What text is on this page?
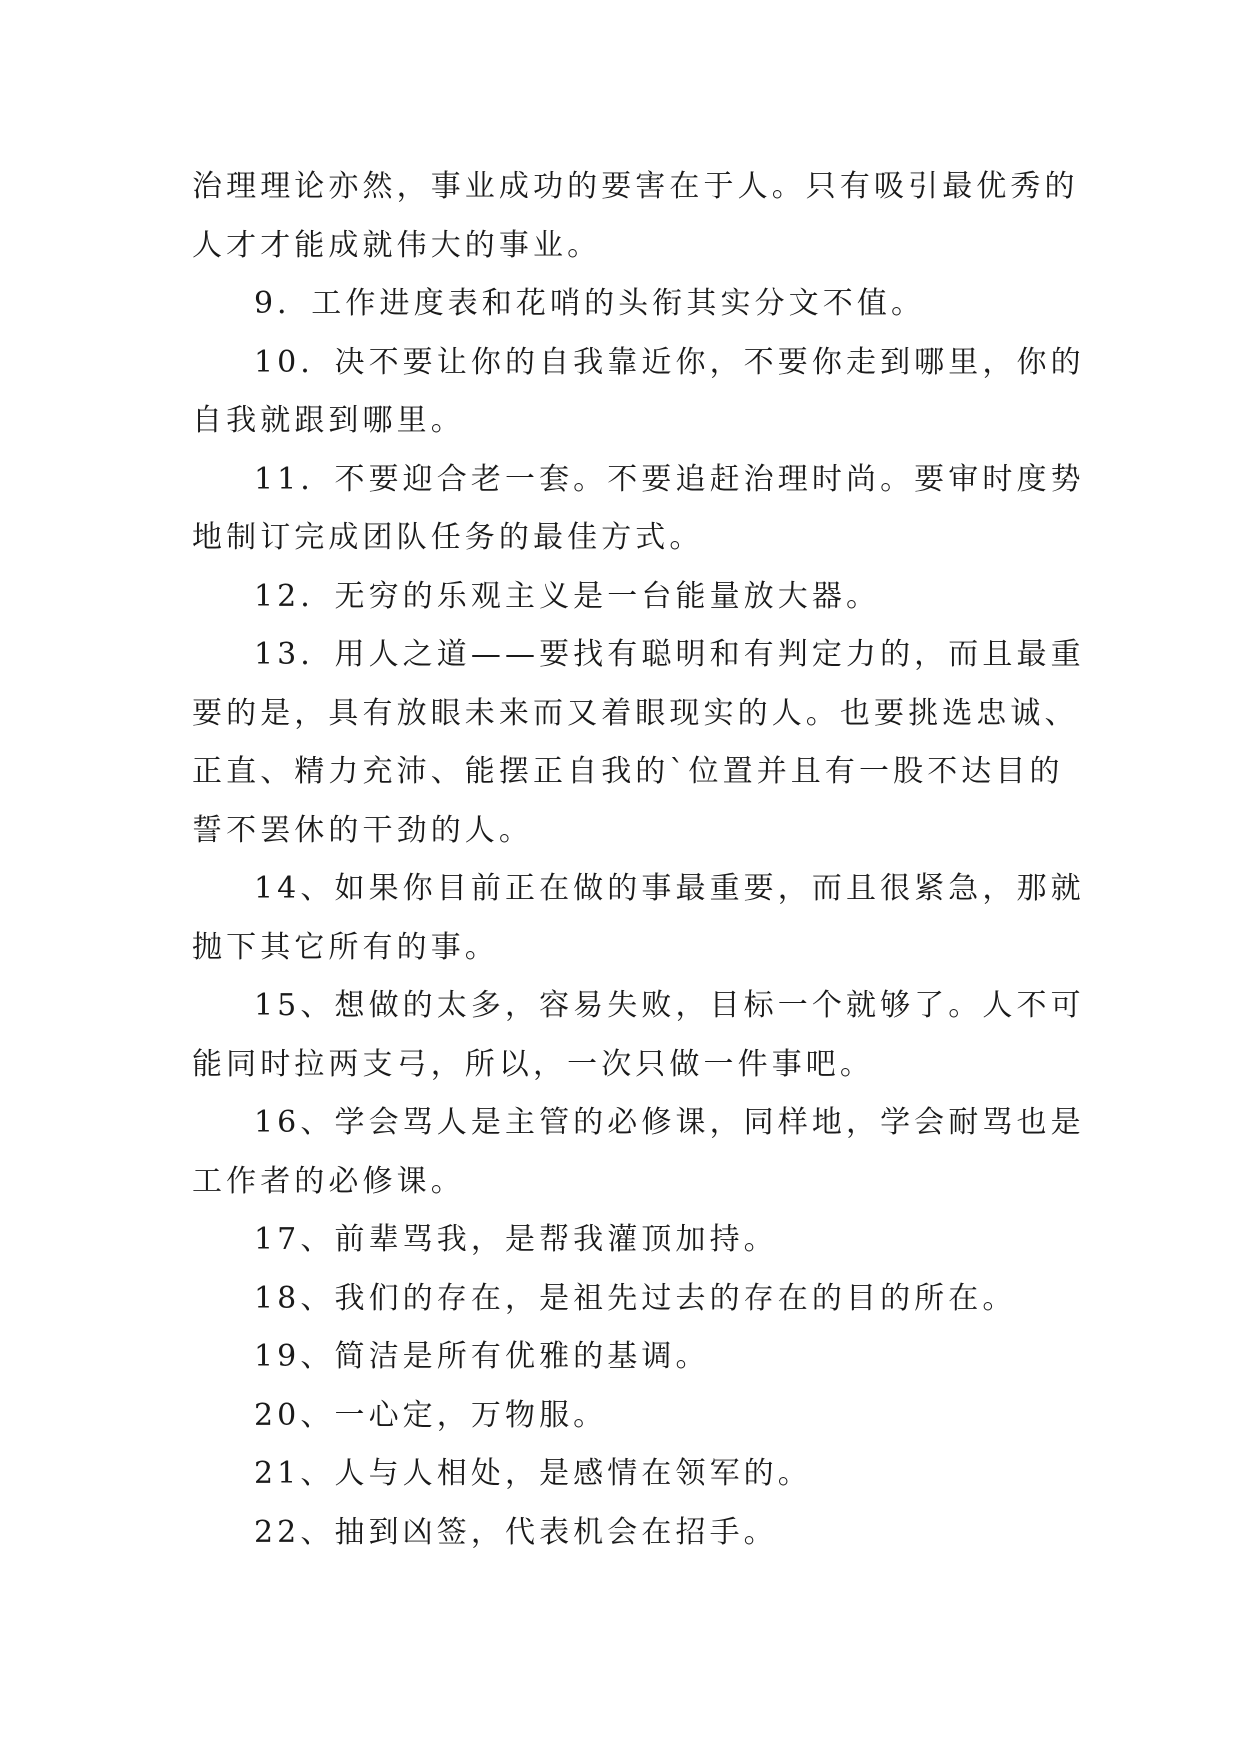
治理理论亦然，事业成功的要害在于人。只有吸引最优秀的

人才才能成就伟大的事业。

9．工作进度表和花哨的头衔其实分文不值。

10．决不要让你的自我靠近你，不要你走到哪里，你的

自我就跟到哪里。

11．不要迎合老一套。不要追赶治理时尚。要审时度势

地制订完成团队任务的最佳方式。

12．无穷的乐观主义是一台能量放大器。

13．用人之道——要找有聪明和有判定力的，而且最重

要的是，具有放眼未来而又着眼现实的人。也要挑选忠诚、

正直、精力充沛、能摆正自我的`位置并且有一股不达目的

誓不罢休的干劲的人。

14、如果你目前正在做的事最重要，而且很紧急，那就

抛下其它所有的事。

15、想做的太多，容易失败，目标一个就够了。人不可

能同时拉两支弓，所以，一次只做一件事吧。

16、学会骂人是主管的必修课，同样地，学会耐骂也是

工作者的必修课。

17、前辈骂我，是帮我灌顶加持。

18、我们的存在，是祖先过去的存在的目的所在。

19、简洁是所有优雅的基调。

20、一心定，万物服。

21、人与人相处，是感情在领军的。

22、抽到凶签，代表机会在招手。
